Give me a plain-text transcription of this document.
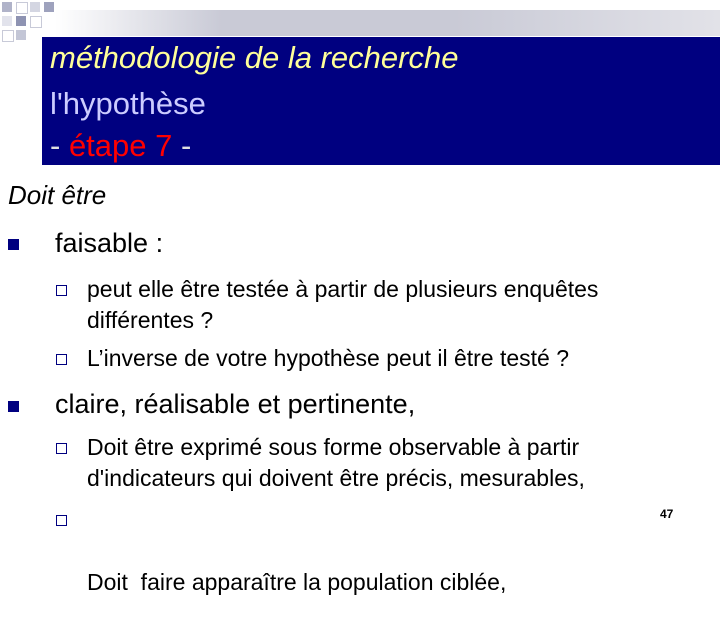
méthodologie de la recherche
l'hypothèse
- étape 7 -
Doit être
faisable :
peut elle être testée à partir de plusieurs enquêtes
différentes ?
L’inverse de votre hypothèse peut il être testé ?
claire, réalisable et pertinente,
Doit être exprimé sous forme observable à partir
d'indicateurs qui doivent être précis, mesurables,

Doit  faire apparaître la population ciblée,

47
